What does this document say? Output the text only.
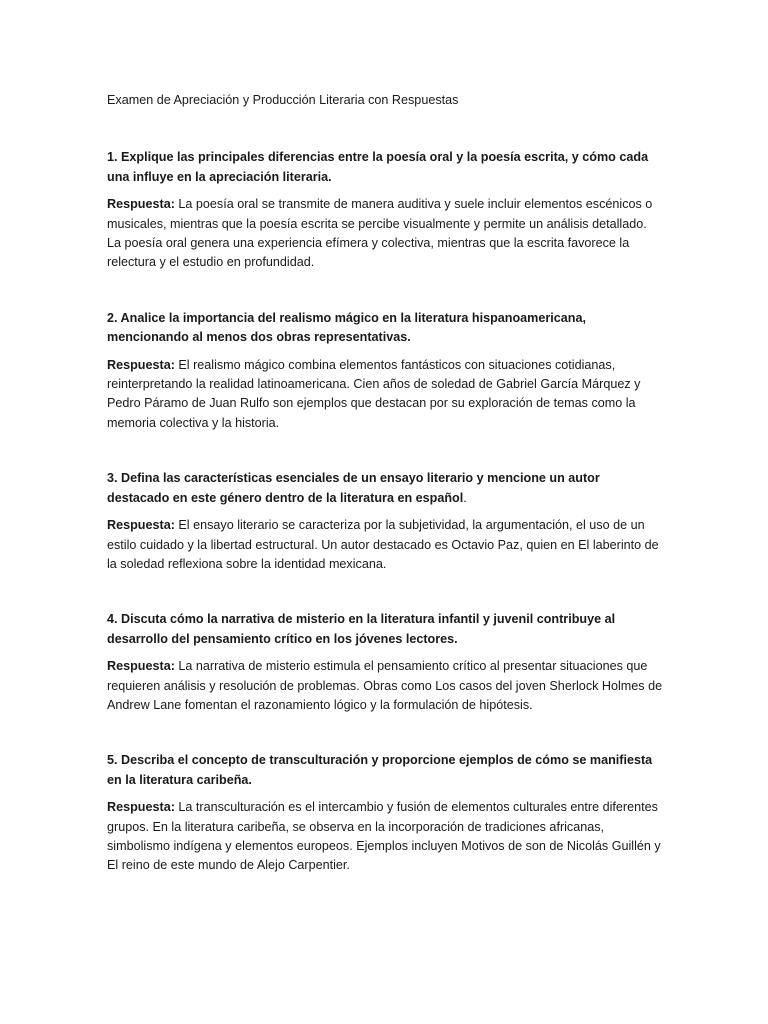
Examen de Apreciación y Producción Literaria con Respuestas

1. Explique las principales diferencias entre la poesía oral y la poesía escrita, y cómo cada una influye en la apreciación literaria.

Respuesta: La poesía oral se transmite de manera auditiva y suele incluir elementos escénicos o musicales, mientras que la poesía escrita se percibe visualmente y permite un análisis detallado. La poesía oral genera una experiencia efímera y colectiva, mientras que la escrita favorece la relectura y el estudio en profundidad.

2. Analice la importancia del realismo mágico en la literatura hispanoamericana, mencionando al menos dos obras representativas.

Respuesta: El realismo mágico combina elementos fantásticos con situaciones cotidianas, reinterpretando la realidad latinoamericana. Cien años de soledad de Gabriel García Márquez y Pedro Páramo de Juan Rulfo son ejemplos que destacan por su exploración de temas como la memoria colectiva y la historia.

3. Defina las características esenciales de un ensayo literario y mencione un autor destacado en este género dentro de la literatura en español.

Respuesta: El ensayo literario se caracteriza por la subjetividad, la argumentación, el uso de un estilo cuidado y la libertad estructural. Un autor destacado es Octavio Paz, quien en El laberinto de la soledad reflexiona sobre la identidad mexicana.

4. Discuta cómo la narrativa de misterio en la literatura infantil y juvenil contribuye al desarrollo del pensamiento crítico en los jóvenes lectores.

Respuesta: La narrativa de misterio estimula el pensamiento crítico al presentar situaciones que requieren análisis y resolución de problemas. Obras como Los casos del joven Sherlock Holmes de Andrew Lane fomentan el razonamiento lógico y la formulación de hipótesis.

5. Describa el concepto de transculturación y proporcione ejemplos de cómo se manifiesta en la literatura caribeña.

Respuesta: La transculturación es el intercambio y fusión de elementos culturales entre diferentes grupos. En la literatura caribeña, se observa en la incorporación de tradiciones africanas, simbolismo indígena y elementos europeos. Ejemplos incluyen Motivos de son de Nicolás Guillén y El reino de este mundo de Alejo Carpentier.
